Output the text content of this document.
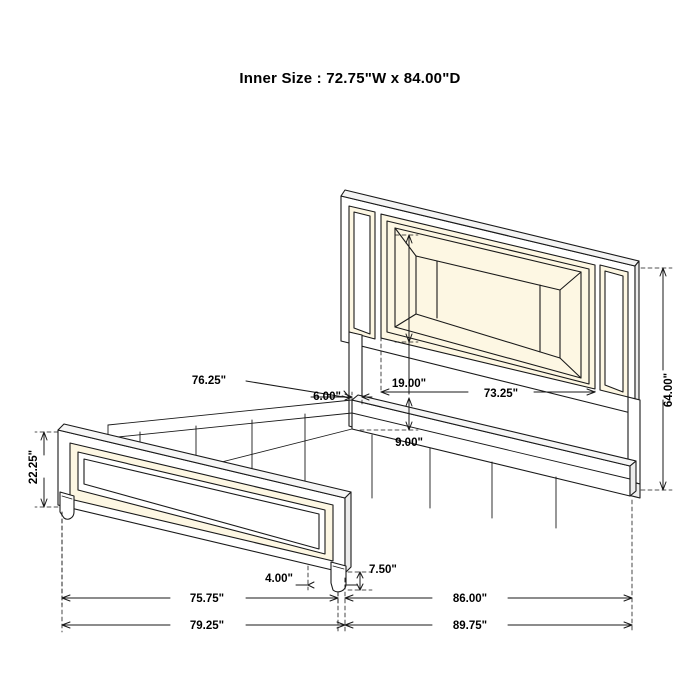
Inner Size : 72.75"W x 84.00"D
64.00"
73.25"
19.00"
9.00"
6.00"
76.25"
22.25"
7.50"
4.00"
75.75"	86.00"
79.25"	89.75"
